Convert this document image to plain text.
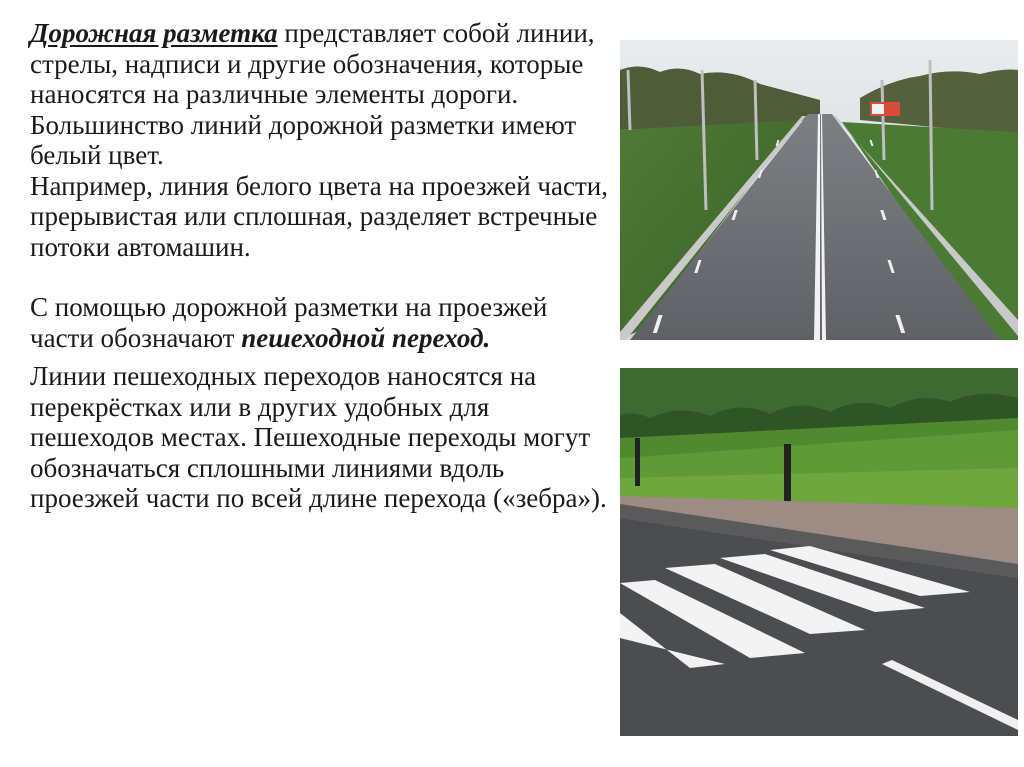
Дорожная разметка представляет собой линии, стрелы, надписи и другие обозначения, которые наносятся на различные элементы дороги. Большинство линий дорожной разметки имеют белый цвет.

Например, линия белого цвета на проезжей части, прерывистая или сплошная, разделяет встречные потоки автомашин.

С помощью дорожной разметки на проезжей части обозначают пешеходной переход.

Линии пешеходных переходов наносятся на перекрёстках или в других удобных для пешеходов местах. Пешеходные переходы могут обозначаться сплошными линиями вдоль проезжей части по всей длине перехода («зебра»).
